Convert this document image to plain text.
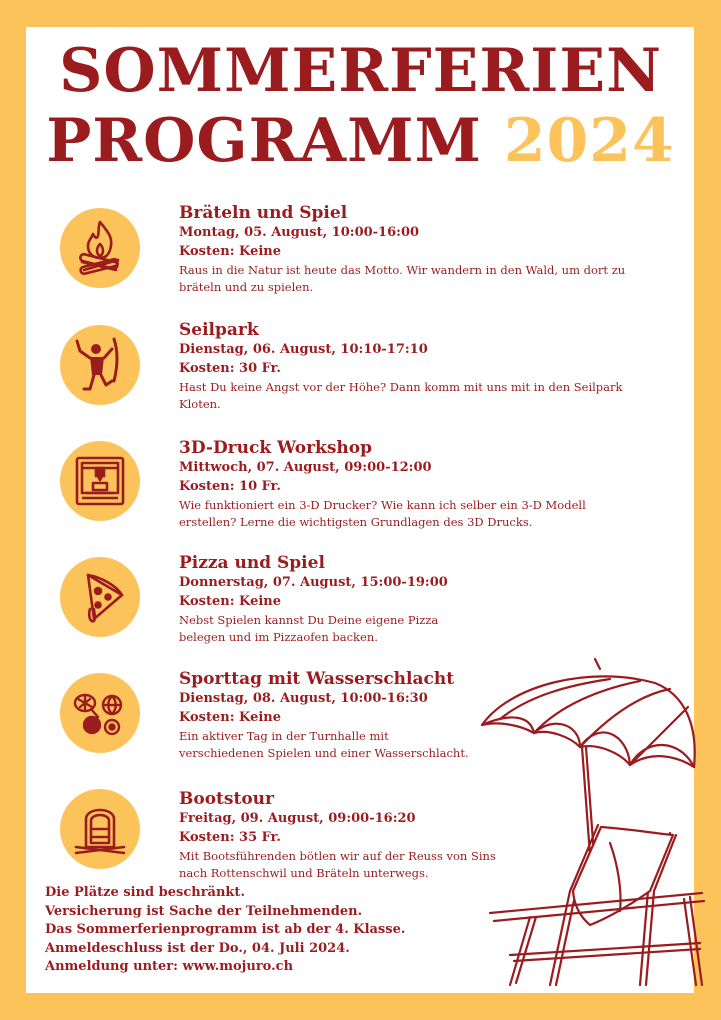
SOMMERFERIEN
PROGRAMM 2024
Bräteln und Spiel
Montag, 05. August, 10:00-16:00
Kosten: Keine
Raus in die Natur ist heute das Motto. Wir wandern in den Wald, um dort zu
bräteln und zu spielen.
Seilpark
Dienstag, 06. August, 10:10-17:10
Kosten: 30 Fr.
Hast Du keine Angst vor der Höhe? Dann komm mit uns mit in den Seilpark
Kloten.
3D-Druck Workshop
Mittwoch, 07. August, 09:00-12:00
Kosten: 10 Fr.
Wie funktioniert ein 3-D Drucker? Wie kann ich selber ein 3-D Modell
erstellen? Lerne die wichtigsten Grundlagen des 3D Drucks.
Pizza und Spiel
Donnerstag, 07. August, 15:00-19:00
Kosten: Keine
Nebst Spielen kannst Du Deine eigene Pizza
belegen und im Pizzaofen backen.
Sporttag mit Wasserschlacht
Dienstag, 08. August, 10:00-16:30
Kosten: Keine
Ein aktiver Tag in der Turnhalle mit
verschiedenen Spielen und einer Wasserschlacht.
Bootstour
Freitag, 09. August, 09:00-16:20
Kosten: 35 Fr.
Mit Bootsführenden bötlen wir auf der Reuss von Sins
nach Rottenschwil und Bräteln unterwegs.
Die Plätze sind beschränkt.
Versicherung ist Sache der Teilnehmenden.
Das Sommerferienprogramm ist ab der 4. Klasse.
Anmeldeschluss ist der Do., 04. Juli 2024.
Anmeldung unter: www.mojuro.ch
